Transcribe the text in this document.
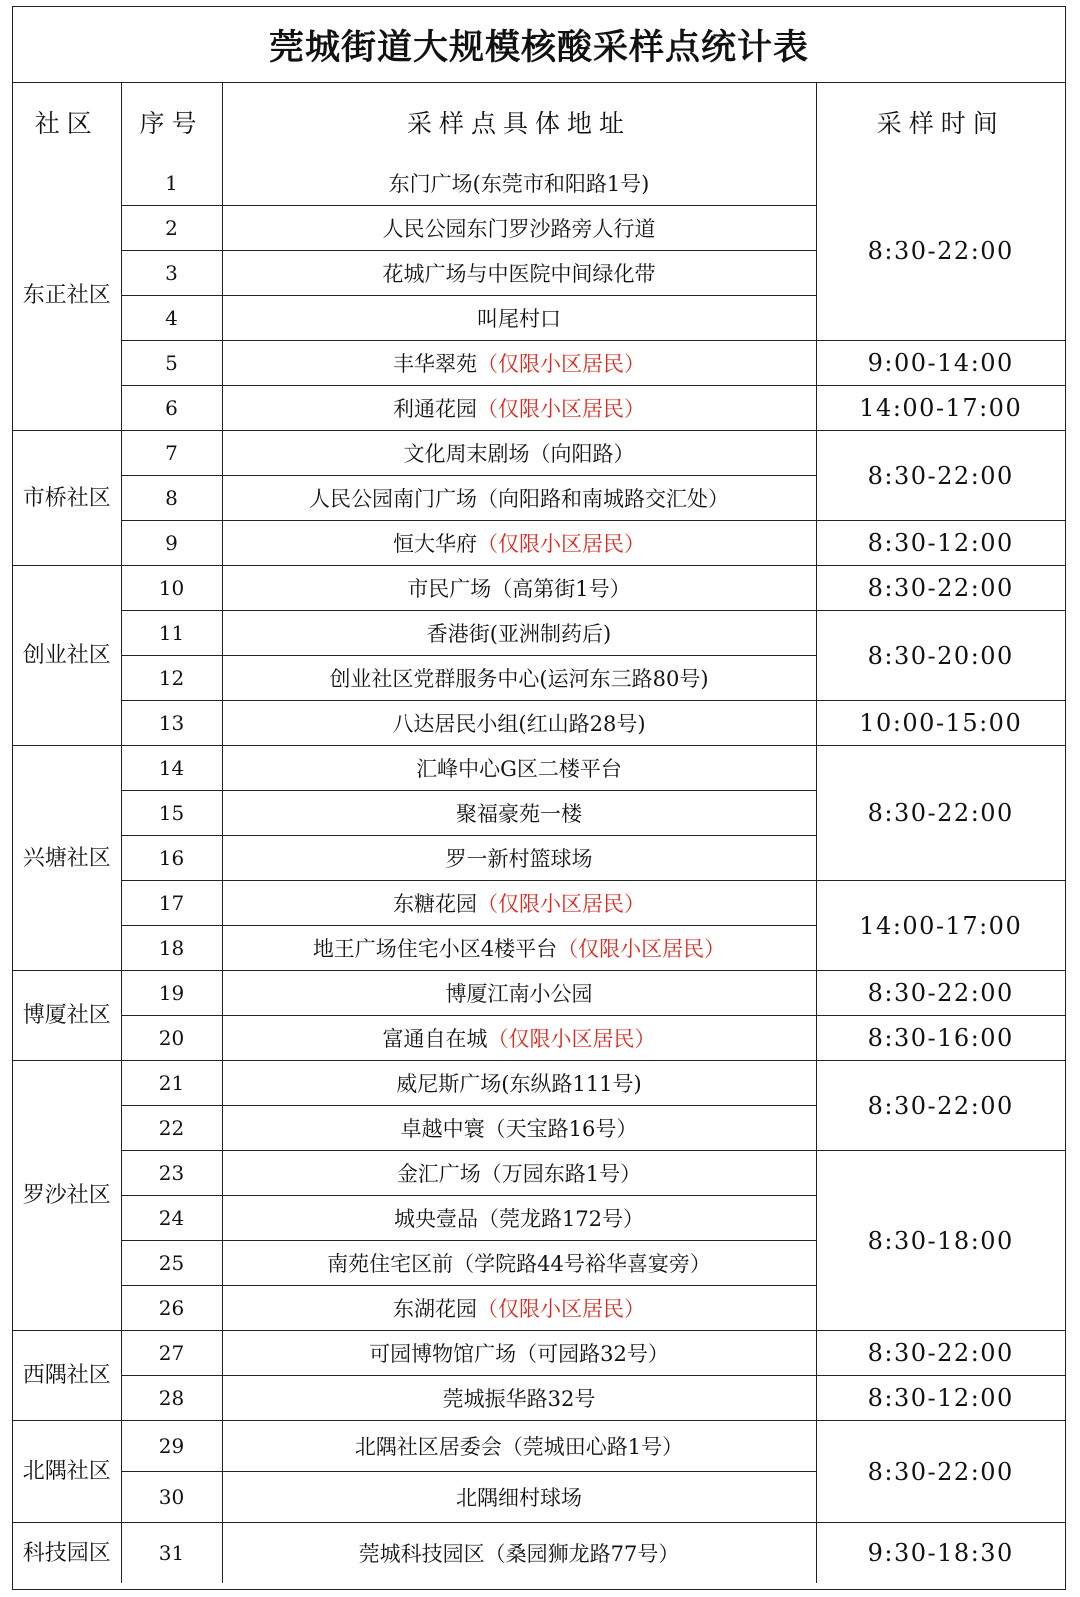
莞城街道大规模核酸采样点统计表
社区	序号	采样点具体地址	采样时间
东正社区	1	东门广场(东莞市和阳路1号)	8:30-22:00
	2	人民公园东门罗沙路旁人行道	
	3	花城广场与中医院中间绿化带	
	4	叫尾村口	
	5	丰华翠苑（仅限小区居民）	9:00-14:00
	6	利通花园（仅限小区居民）	14:00-17:00
市桥社区	7	文化周末剧场（向阳路）	8:30-22:00
	8	人民公园南门广场（向阳路和南城路交汇处）	
	9	恒大华府（仅限小区居民）	8:30-12:00
创业社区	10	市民广场（高第街1号）	8:30-22:00
	11	香港街(亚洲制药后)	8:30-20:00
	12	创业社区党群服务中心(运河东三路80号)	
	13	八达居民小组(红山路28号)	10:00-15:00
兴塘社区	14	汇峰中心G区二楼平台	8:30-22:00
	15	聚福豪苑一楼	
	16	罗一新村篮球场	
	17	东糖花园（仅限小区居民）	14:00-17:00
	18	地王广场住宅小区4楼平台（仅限小区居民）	
博厦社区	19	博厦江南小公园	8:30-22:00
	20	富通自在城（仅限小区居民）	8:30-16:00
罗沙社区	21	威尼斯广场(东纵路111号)	8:30-22:00
	22	卓越中寰（天宝路16号）	
	23	金汇广场（万园东路1号）	8:30-18:00
	24	城央壹品（莞龙路172号）	
	25	南苑住宅区前（学院路44号裕华喜宴旁）	
	26	东湖花园（仅限小区居民）	
西隅社区	27	可园博物馆广场（可园路32号）	8:30-22:00
	28	莞城振华路32号	8:30-12:00
北隅社区	29	北隅社区居委会（莞城田心路1号）	8:30-22:00
	30	北隅细村球场	
科技园区	31	莞城科技园区（桑园狮龙路77号）	9:30-18:30
